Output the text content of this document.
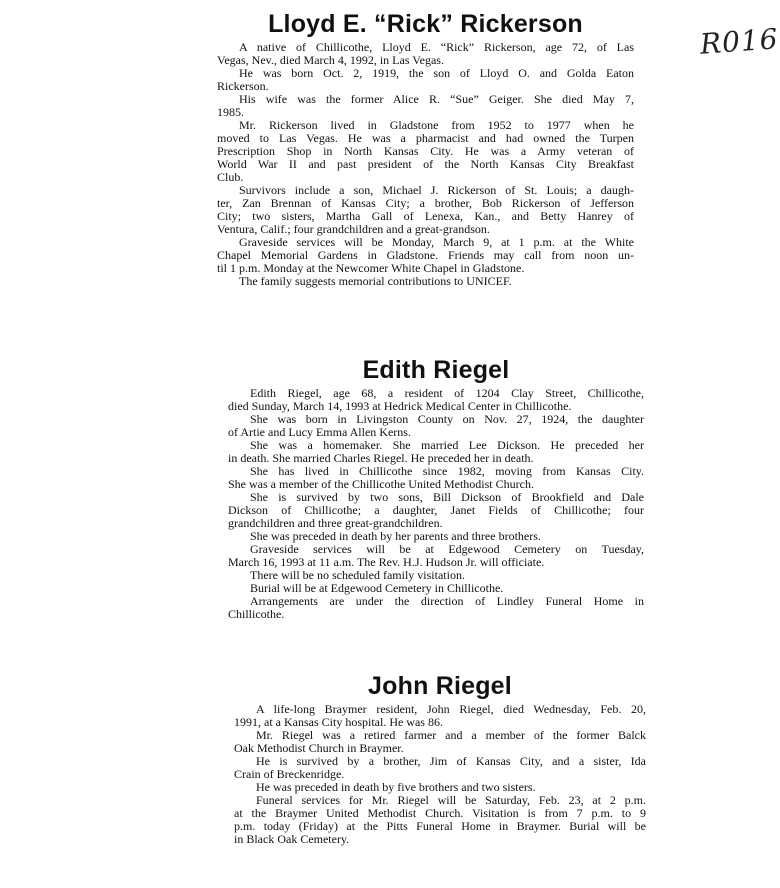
R016
Lloyd E. “Rick” Rickerson
A native of Chillicothe, Lloyd E. “Rick” Rickerson, age 72, of Las
Vegas, Nev., died March 4, 1992, in Las Vegas.
He was born Oct. 2, 1919, the son of Lloyd O. and Golda Eaton
Rickerson.
His wife was the former Alice R. “Sue” Geiger. She died May 7,
1985.
Mr. Rickerson lived in Gladstone from 1952 to 1977 when he
moved to Las Vegas. He was a pharmacist and had owned the Turpen
Prescription Shop in North Kansas City. He was a Army veteran of
World War II and past president of the North Kansas City Breakfast
Club.
Survivors include a son, Michael J. Rickerson of St. Louis; a daugh-
ter, Zan Brennan of Kansas City; a brother, Bob Rickerson of Jefferson
City; two sisters, Martha Gall of Lenexa, Kan., and Betty Hanrey of
Ventura, Calif.; four grandchildren and a great-grandson.
Graveside services will be Monday, March 9, at 1 p.m. at the White
Chapel Memorial Gardens in Gladstone. Friends may call from noon un-
til 1 p.m. Monday at the Newcomer White Chapel in Gladstone.
The family suggests memorial contributions to UNICEF.
Edith Riegel
Edith Riegel, age 68, a resident of 1204 Clay Street, Chillicothe,
died Sunday, March 14, 1993 at Hedrick Medical Center in Chillicothe.
She was born in Livingston County on Nov. 27, 1924, the daughter
of Artie and Lucy Emma Allen Kerns.
She was a homemaker. She married Lee Dickson. He preceded her
in death. She married Charles Riegel. He preceded her in death.
She has lived in Chillicothe since 1982, moving from Kansas City.
She was a member of the Chillicothe United Methodist Church.
She is survived by two sons, Bill Dickson of Brookfield and Dale
Dickson of Chillicothe; a daughter, Janet Fields of Chillicothe; four
grandchildren and three great-grandchildren.
She was preceded in death by her parents and three brothers.
Graveside services will be at Edgewood Cemetery on Tuesday,
March 16, 1993 at 11 a.m. The Rev. H.J. Hudson Jr. will officiate.
There will be no scheduled family visitation.
Burial will be at Edgewood Cemetery in Chillicothe.
Arrangements are under the direction of Lindley Funeral Home in
Chillicothe.
John Riegel
A life-long Braymer resident, John Riegel, died Wednesday, Feb. 20,
1991, at a Kansas City hospital. He was 86.
Mr. Riegel was a retired farmer and a member of the former Balck
Oak Methodist Church in Braymer.
He is survived by a brother, Jim of Kansas City, and a sister, Ida
Crain of Breckenridge.
He was preceded in death by five brothers and two sisters.
Funeral services for Mr. Riegel will be Saturday, Feb. 23, at 2 p.m.
at the Braymer United Methodist Church. Visitation is from 7 p.m. to 9
p.m. today (Friday) at the Pitts Funeral Home in Braymer. Burial will be
in Black Oak Cemetery.
